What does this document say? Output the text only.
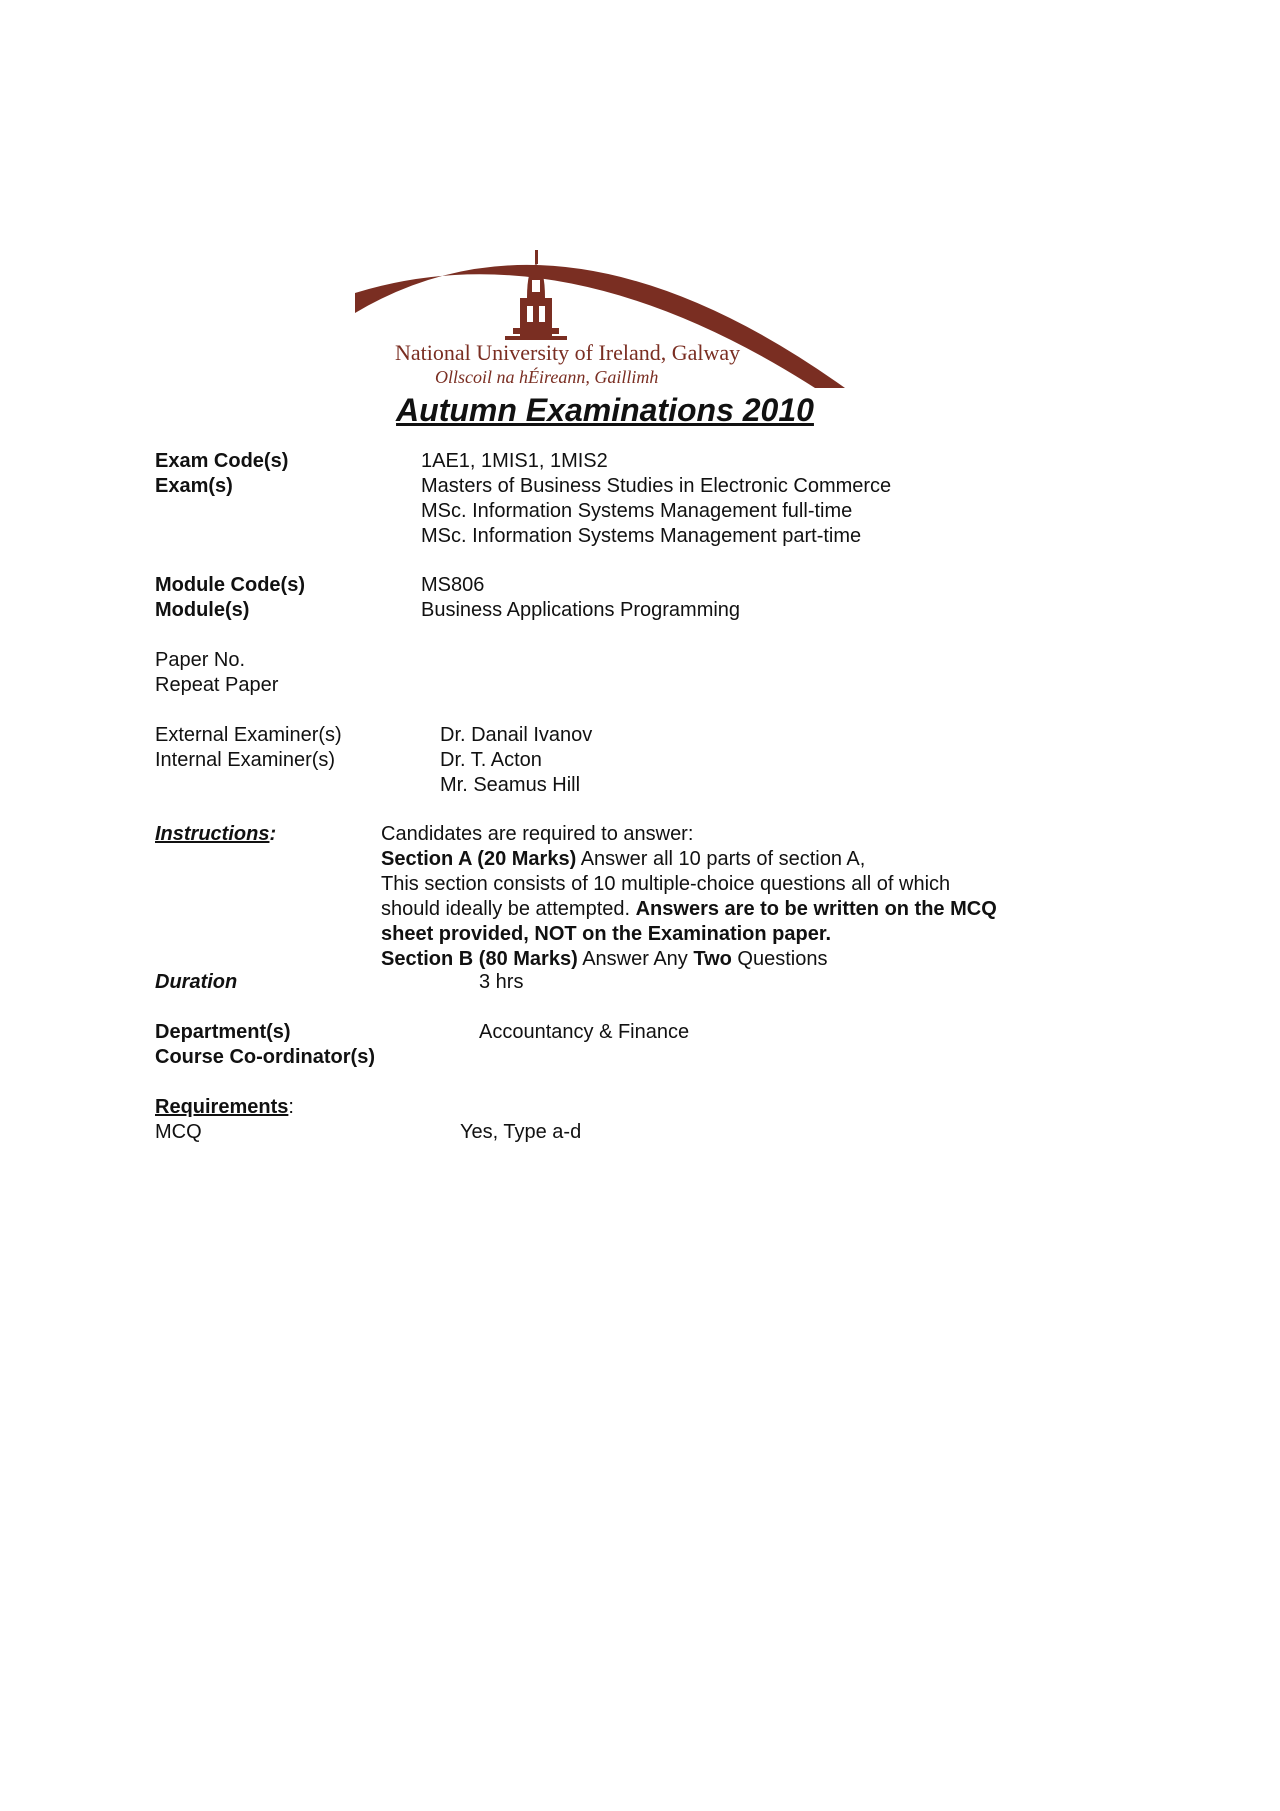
National University of Ireland, Galway
Ollscoil na hÉireann, Gaillimh
Autumn Examinations 2010
Exam Code(s)	1AE1, 1MIS1, 1MIS2
Exam(s)	Masters of Business Studies in Electronic Commerce
MSc. Information Systems Management full-time
MSc. Information Systems Management part-time
Module Code(s)	MS806
Module(s)	Business Applications Programming
Paper No.
Repeat Paper
External Examiner(s)	Dr. Danail Ivanov
Internal Examiner(s)	Dr. T. Acton
Mr. Seamus Hill
Instructions:	Candidates are required to answer:
Section A (20 Marks) Answer all 10 parts of section A,
This section consists of 10 multiple-choice questions all of which
should ideally be attempted. Answers are to be written on the MCQ
sheet provided, NOT on the Examination paper.
Section B (80 Marks) Answer Any Two Questions
Duration	3 hrs
Department(s)	Accountancy & Finance
Course Co-ordinator(s)
Requirements:
MCQ	Yes, Type a-d
